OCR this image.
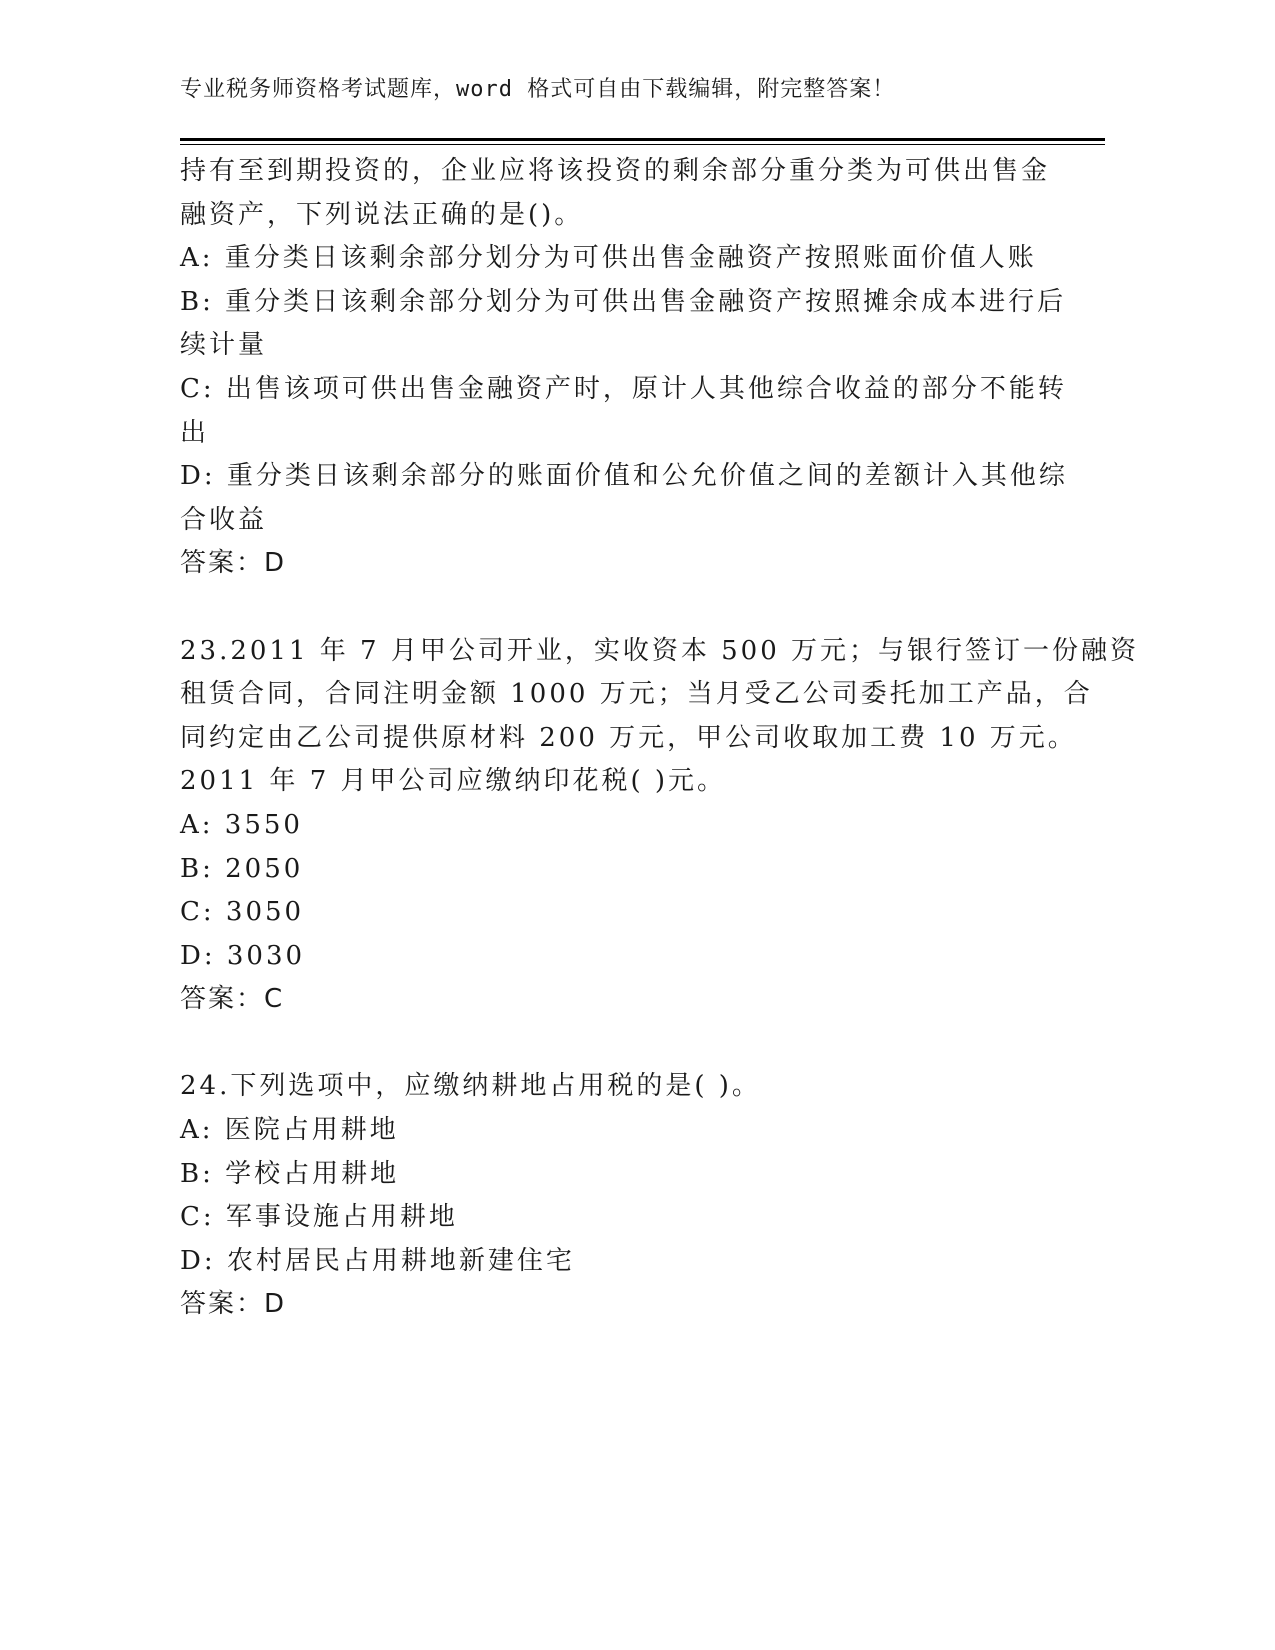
专业税务师资格考试题库，word 格式可自由下载编辑，附完整答案！

持有至到期投资的，企业应将该投资的剩余部分重分类为可供出售金

融资产，下列说法正确的是()。

A: 重分类日该剩余部分划分为可供出售金融资产按照账面价值人账

B: 重分类日该剩余部分划分为可供出售金融资产按照摊余成本进行后

续计量

C: 出售该项可供出售金融资产时，原计人其他综合收益的部分不能转

出

D: 重分类日该剩余部分的账面价值和公允价值之间的差额计入其他综

合收益

答案：D

23.2011 年 7 月甲公司开业，实收资本 500 万元；与银行签订一份融资

租赁合同，合同注明金额 1000 万元；当月受乙公司委托加工产品，合

同约定由乙公司提供原材料 200 万元，甲公司收取加工费 10 万元。

2011 年 7 月甲公司应缴纳印花税( )元。

A: 3550

B: 2050

C: 3050

D: 3030

答案：C

24.下列选项中，应缴纳耕地占用税的是( )。

A: 医院占用耕地

B: 学校占用耕地

C: 军事设施占用耕地

D: 农村居民占用耕地新建住宅

答案：D
